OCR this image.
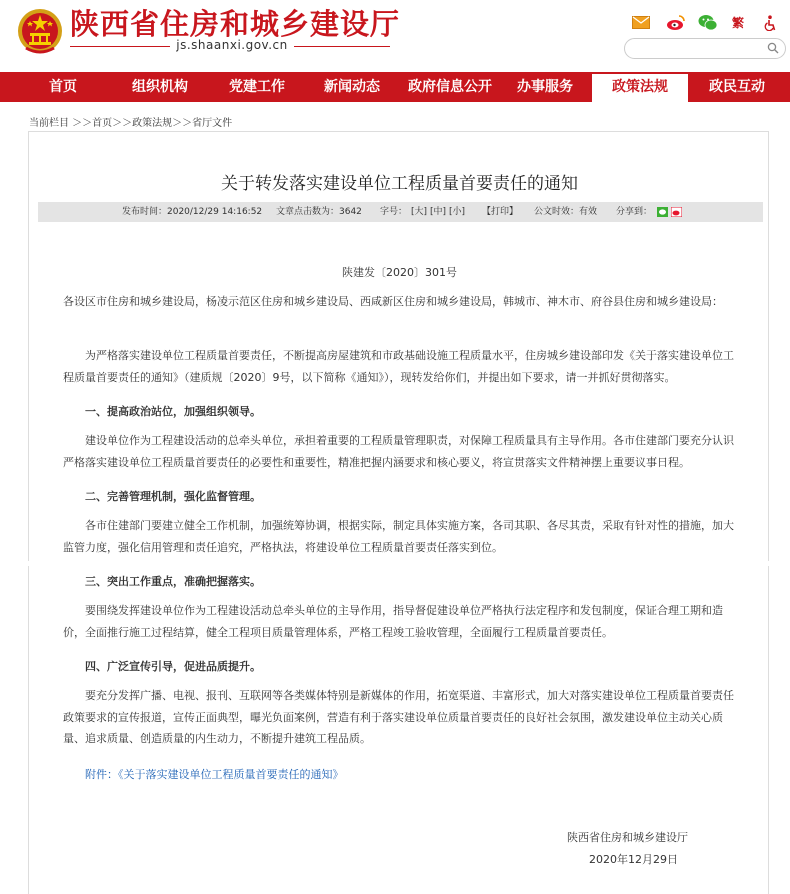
陕西省住房和城乡建设厅
js.shaanxi.gov.cn
繁
首页	组织机构	党建工作	新闻动态	政府信息公开	办事服务	政策法规	政民互动
当前栏目 ＞＞首页＞＞政策法规＞＞省厅文件
关于转发落实建设单位工程质量首要责任的通知
发布时间：2020/12/29 14:16:52 文章点击数为：3642 字号： [大] [中] [小] 【打印】 公文时效：有效 分享到：
陕建发〔2020〕301号
各设区市住房和城乡建设局，杨凌示范区住房和城乡建设局、西咸新区住房和城乡建设局，韩城市、神木市、府谷县住房和城乡建设局：
为严格落实建设单位工程质量首要责任，不断提高房屋建筑和市政基础设施工程质量水平，住房城乡建设部印发《关于落实建设单位工程质量首要责任的通知》（建质规〔2020〕9号，以下简称《通知》），现转发给你们，并提出如下要求，请一并抓好贯彻落实。
一、提高政治站位，加强组织领导。
建设单位作为工程建设活动的总牵头单位，承担着重要的工程质量管理职责，对保障工程质量具有主导作用。各市住建部门要充分认识严格落实建设单位工程质量首要责任的必要性和重要性，精准把握内涵要求和核心要义，将宣贯落实文件精神摆上重要议事日程。
二、完善管理机制，强化监督管理。
各市住建部门要建立健全工作机制，加强统筹协调，根据实际，制定具体实施方案，各司其职、各尽其责，采取有针对性的措施，加大监管力度，强化信用管理和责任追究，严格执法，将建设单位工程质量首要责任落实到位。
三、突出工作重点，准确把握落实。
要围绕发挥建设单位作为工程建设活动总牵头单位的主导作用，指导督促建设单位严格执行法定程序和发包制度，保证合理工期和造价，全面推行施工过程结算，健全工程项目质量管理体系，严格工程竣工验收管理，全面履行工程质量首要责任。
四、广泛宣传引导，促进品质提升。
要充分发挥广播、电视、报刊、互联网等各类媒体特别是新媒体的作用，拓宽渠道、丰富形式，加大对落实建设单位工程质量首要责任政策要求的宣传报道，宣传正面典型，曝光负面案例，营造有利于落实建设单位质量首要责任的良好社会氛围，激发建设单位主动关心质量、追求质量、创造质量的内生动力，不断提升建筑工程品质。
附件：《关于落实建设单位工程质量首要责任的通知》
陕西省住房和城乡建设厅
2020年12月29日
